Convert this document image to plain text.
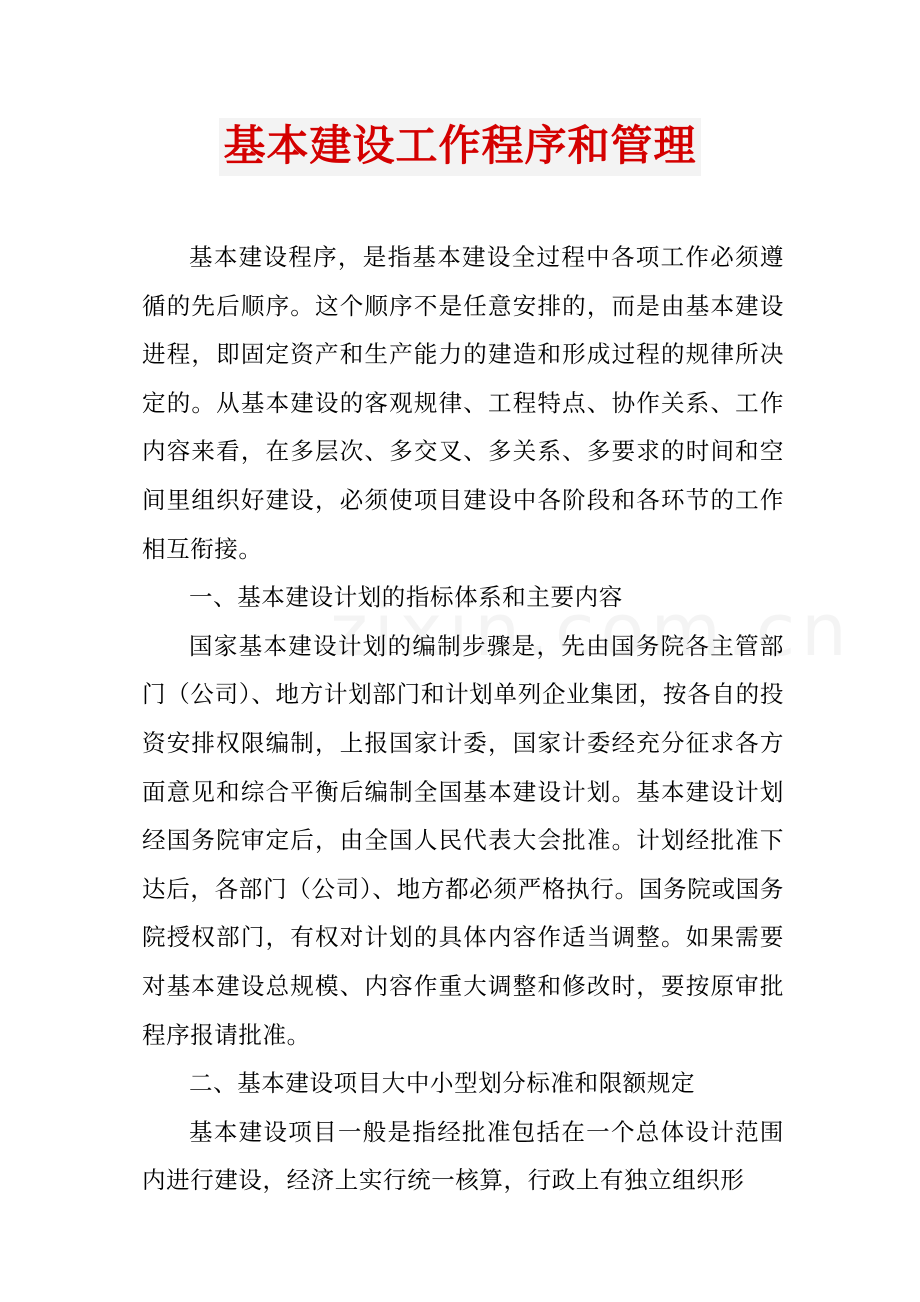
基本建设工作程序和管理

基本建设程序，是指基本建设全过程中各项工作必须遵循的先后顺序。这个顺序不是任意安排的，而是由基本建设进程，即固定资产和生产能力的建造和形成过程的规律所决定的。从基本建设的客观规律、工程特点、协作关系、工作内容来看，在多层次、多交叉、多关系、多要求的时间和空间里组织好建设，必须使项目建设中各阶段和各环节的工作相互衔接。

一、基本建设计划的指标体系和主要内容

国家基本建设计划的编制步骤是，先由国务院各主管部门（公司）、地方计划部门和计划单列企业集团，按各自的投资安排权限编制，上报国家计委，国家计委经充分征求各方面意见和综合平衡后编制全国基本建设计划。基本建设计划经国务院审定后，由全国人民代表大会批准。计划经批准下达后，各部门（公司）、地方都必须严格执行。国务院或国务院授权部门，有权对计划的具体内容作适当调整。如果需要对基本建设总规模、内容作重大调整和修改时，要按原审批程序报请批准。

二、基本建设项目大中小型划分标准和限额规定

基本建设项目一般是指经批准包括在一个总体设计范围内进行建设，经济上实行统一核算，行政上有独立组织形
